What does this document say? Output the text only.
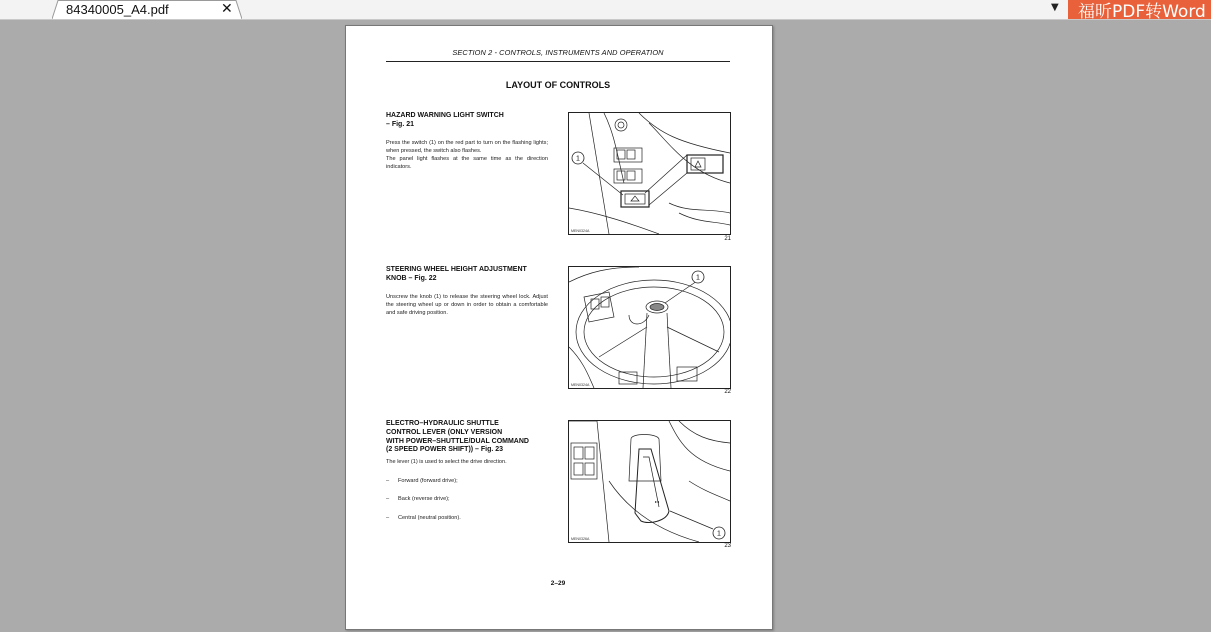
84340005_A4.pdf	✕	▼ 福昕PDF转Word
SECTION 2 - CONTROLS, INSTRUMENTS AND OPERATION
LAYOUT OF CONTROLS
HAZARD WARNING LIGHT SWITCH
– Fig. 21

Press the switch (1) on the red part to turn on the flashing lights; when pressed, the switch also flashes.

The panel light flashes at the same time as the direction indicators.

1
MEN0324A
21
STEERING WHEEL HEIGHT ADJUSTMENT
KNOB – Fig. 22

Unscrew the knob (1) to release the steering wheel lock. Adjust the steering wheel up or down in order to obtain a comfortable and safe driving position.

1
MEN0324A
22
ELECTRO–HYDRAULIC SHUTTLE
CONTROL LEVER (ONLY VERSION
WITH POWER–SHUTTLE/DUAL COMMAND
(2 SPEED POWER SHIFT)) – Fig. 23

The lever (1) is used to select the drive direction.

– Forward (forward drive);
– Back (reverse drive);
– Central (neutral position).
▸◂
1
MEN0326A
23
2–29
